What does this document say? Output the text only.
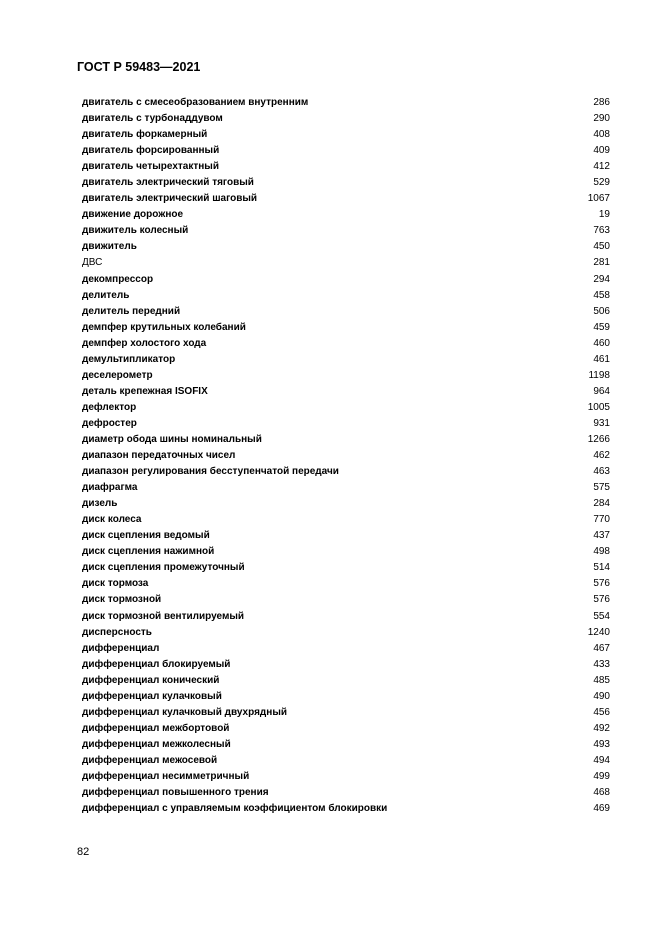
ГОСТ Р 59483—2021
двигатель с смесеобразованием внутренним	286
двигатель с турбонаддувом	290
двигатель форкамерный	408
двигатель форсированный	409
двигатель четырехтактный	412
двигатель электрический тяговый	529
двигатель электрический шаговый	1067
движение дорожное	19
движитель колесный	763
движитель	450
ДВС	281
декомпрессор	294
делитель	458
делитель передний	506
демпфер крутильных колебаний	459
демпфер холостого хода	460
демультипликатор	461
деселерометр	1198
деталь крепежная ISOFIX	964
дефлектор	1005
дефростер	931
диаметр обода шины номинальный	1266
диапазон передаточных чисел	462
диапазон регулирования бесступенчатой передачи	463
диафрагма	575
дизель	284
диск колеса	770
диск сцепления ведомый	437
диск сцепления нажимной	498
диск сцепления промежуточный	514
диск тормоза	576
диск тормозной	576
диск тормозной вентилируемый	554
дисперсность	1240
дифференциал	467
дифференциал блокируемый	433
дифференциал конический	485
дифференциал кулачковый	490
дифференциал кулачковый двухрядный	456
дифференциал межбортовой	492
дифференциал межколесный	493
дифференциал межосевой	494
дифференциал несимметричный	499
дифференциал повышенного трения	468
дифференциал с управляемым коэффициентом блокировки	469
82
